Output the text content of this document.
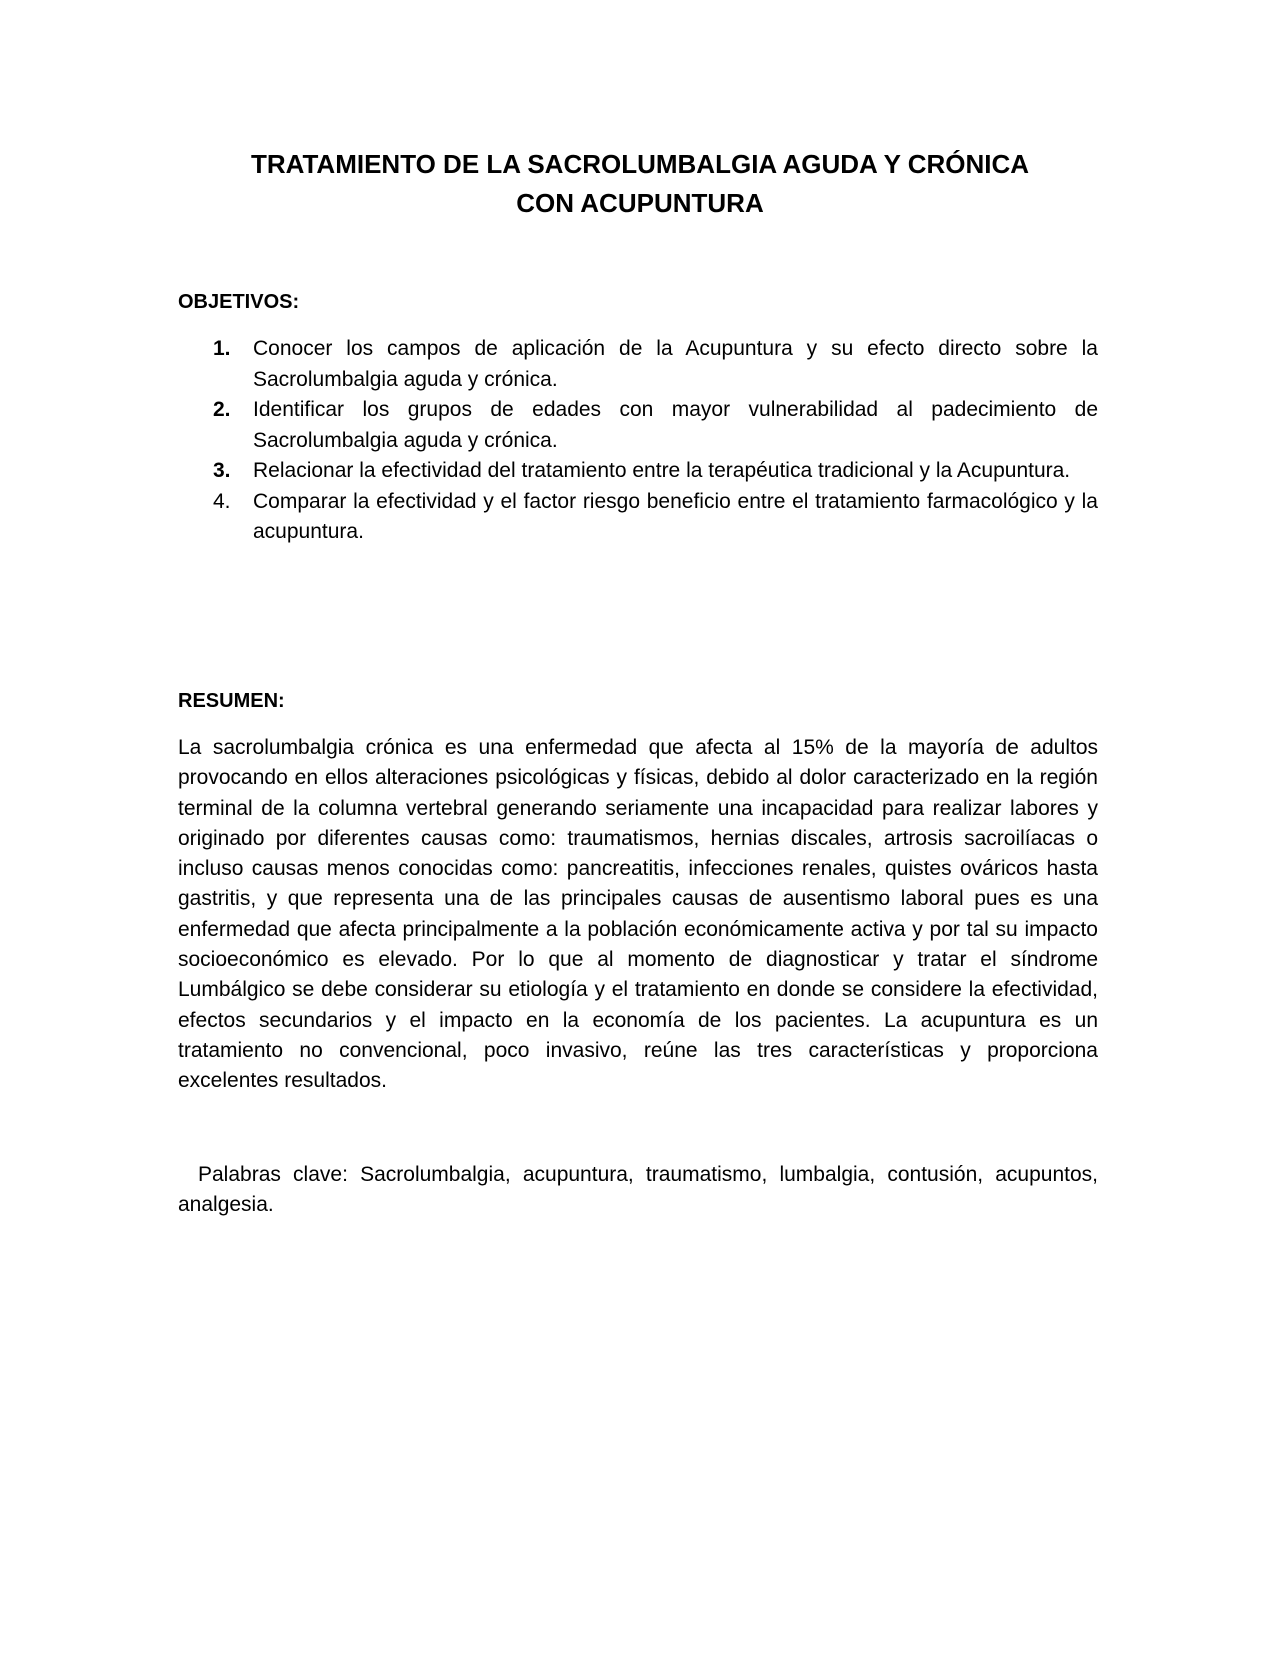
TRATAMIENTO DE LA SACROLUMBALGIA AGUDA Y CRÓNICA
CON ACUPUNTURA
OBJETIVOS:
1. Conocer los campos de aplicación de la Acupuntura y su efecto directo sobre la Sacrolumbalgia aguda y crónica.
2. Identificar los grupos de edades con mayor vulnerabilidad al padecimiento de Sacrolumbalgia aguda y crónica.
3. Relacionar la efectividad del tratamiento entre la terapéutica tradicional y la Acupuntura.
4. Comparar la efectividad y el factor riesgo beneficio entre el tratamiento farmacológico y la acupuntura.
RESUMEN:

La sacrolumbalgia crónica es una enfermedad que afecta al 15% de la mayoría de adultos provocando en ellos alteraciones psicológicas y físicas, debido al dolor caracterizado en la región terminal de la columna vertebral generando seriamente una incapacidad para realizar labores y originado por diferentes causas como: traumatismos, hernias discales, artrosis sacroilíacas o incluso causas menos conocidas como: pancreatitis, infecciones renales, quistes ováricos hasta gastritis, y que representa una de las principales causas de ausentismo laboral pues es una enfermedad que afecta principalmente a la población económicamente activa y por tal su impacto socioeconómico es elevado. Por lo que al momento de diagnosticar y tratar el síndrome Lumbálgico se debe considerar su etiología y el tratamiento en donde se considere la efectividad, efectos secundarios y el impacto en la economía de los pacientes. La acupuntura es un tratamiento no convencional, poco invasivo, reúne las tres características y proporciona excelentes resultados.

Palabras clave: Sacrolumbalgia, acupuntura, traumatismo, lumbalgia, contusión, acupuntos, analgesia.
